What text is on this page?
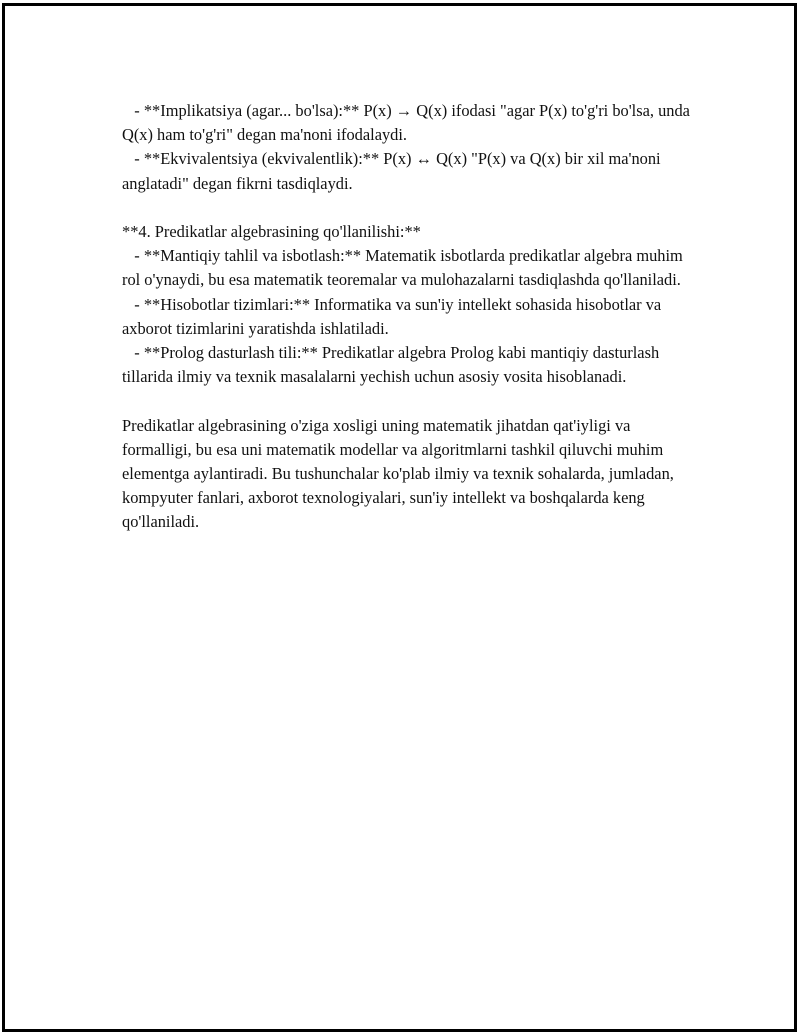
- **Implikatsiya (agar... bo'lsa):** P(x) → Q(x) ifodasi "agar P(x) to'g'ri bo'lsa, unda Q(x) ham to'g'ri" degan ma'noni ifodalaydi.

- **Ekvivalentsiya (ekvivalentlik):** P(x) ↔ Q(x) "P(x) va Q(x) bir xil ma'noni anglatadi" degan fikrni tasdiqlaydi.

**4. Predikatlar algebrasining qo'llanilishi:**

- **Mantiqiy tahlil va isbotlash:** Matematik isbotlarda predikatlar algebra muhim rol o'ynaydi, bu esa matematik teoremalar va mulohazalarni tasdiqlashda qo'llaniladi.

- **Hisobotlar tizimlari:** Informatika va sun'iy intellekt sohasida hisobotlar va axborot tizimlarini yaratishda ishlatiladi.

- **Prolog dasturlash tili:** Predikatlar algebra Prolog kabi mantiqiy dasturlash tillarida ilmiy va texnik masalalarni yechish uchun asosiy vosita hisoblanadi.

Predikatlar algebrasining o'ziga xosligi uning matematik jihatdan qat'iyligi va formalligi, bu esa uni matematik modellar va algoritmlarni tashkil qiluvchi muhim elementga aylantiradi. Bu tushunchalar ko'plab ilmiy va texnik sohalarda, jumladan, kompyuter fanlari, axborot texnologiyalari, sun'iy intellekt va boshqalarda keng qo'llaniladi.
